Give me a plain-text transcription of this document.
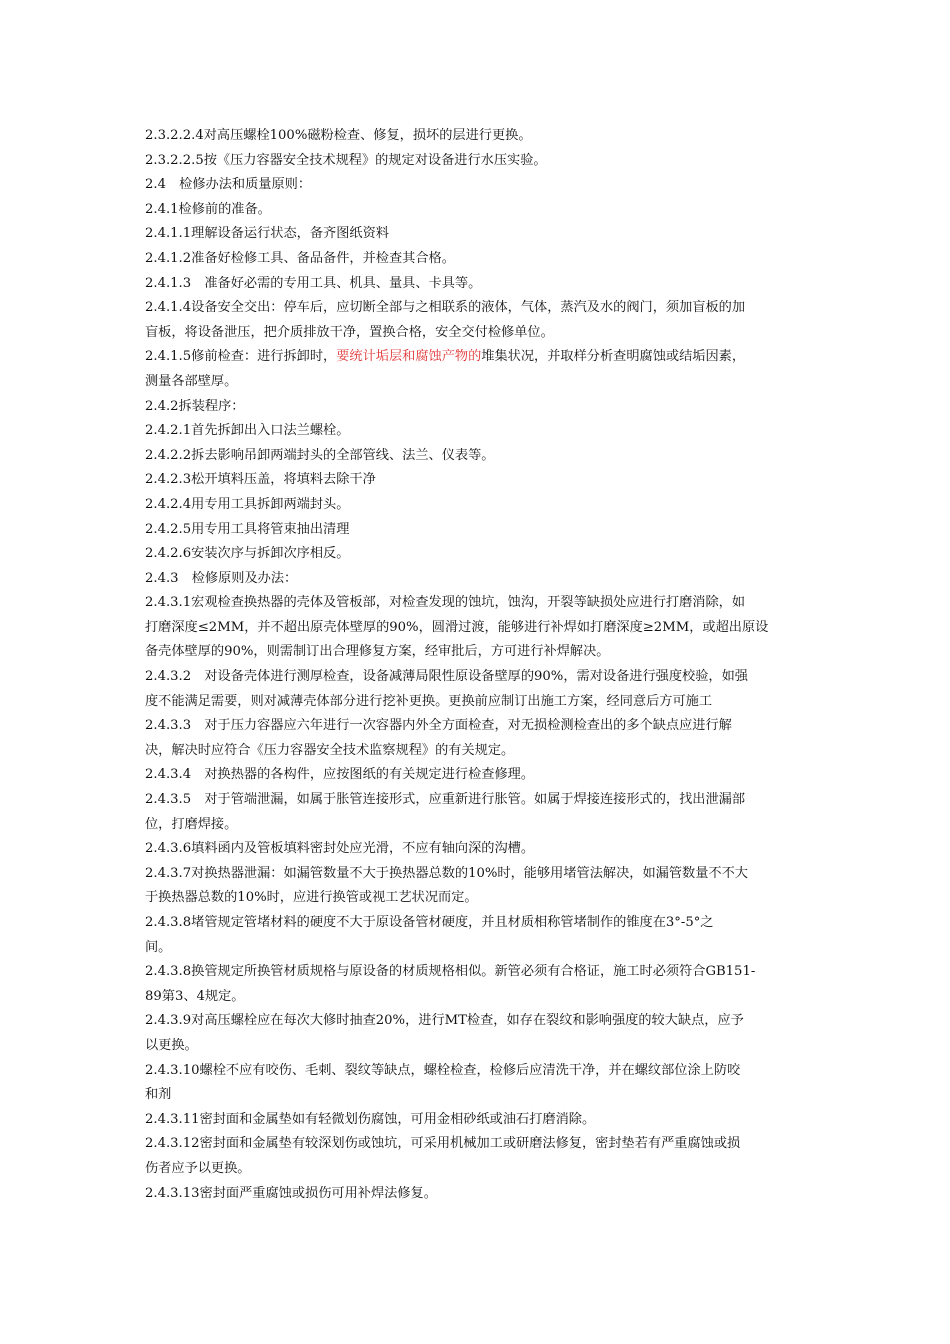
2.3.2.2.4对高压螺栓100%磁粉检查、修复，损坏的层进行更换。
2.3.2.2.5按《压力容器安全技术规程》的规定对设备进行水压实验。
2.4　检修办法和质量原则：
2.4.1检修前的准备。
2.4.1.1理解设备运行状态，备齐图纸资料
2.4.1.2准备好检修工具、备品备件，并检查其合格。
2.4.1.3　准备好必需的专用工具、机具、量具、卡具等。
2.4.1.4设备安全交出：停车后，应切断全部与之相联系的液体，气体，蒸汽及水的阀门，须加盲板的加
盲板，将设备泄压，把介质排放干净，置换合格，安全交付检修单位。
2.4.1.5修前检查：进行拆卸时，要统计垢层和腐蚀产物的堆集状况，并取样分析查明腐蚀或结垢因素，
测量各部壁厚。
2.4.2拆装程序：
2.4.2.1首先拆卸出入口法兰螺栓。
2.4.2.2拆去影响吊卸两端封头的全部管线、法兰、仪表等。
2.4.2.3松开填料压盖，将填料去除干净
2.4.2.4用专用工具拆卸两端封头。
2.4.2.5用专用工具将管束抽出清理
2.4.2.6安装次序与拆卸次序相反。
2.4.3　检修原则及办法：
2.4.3.1宏观检查换热器的壳体及管板部，对检查发现的蚀坑，蚀沟，开裂等缺损处应进行打磨消除，如
打磨深度≤2MM，并不超出原壳体壁厚的90%，圆滑过渡，能够进行补焊如打磨深度≥2MM，或超出原设
备壳体壁厚的90%，则需制订出合理修复方案，经审批后，方可进行补焊解决。
2.4.3.2　对设备壳体进行测厚检查，设备减薄局限性原设备壁厚的90%，需对设备进行强度校验，如强
度不能满足需要，则对减薄壳体部分进行挖补更换。更换前应制订出施工方案，经同意后方可施工
2.4.3.3　对于压力容器应六年进行一次容器内外全方面检查，对无损检测检查出的多个缺点应进行解
决，解决时应符合《压力容器安全技术监察规程》的有关规定。
2.4.3.4　对换热器的各构件，应按图纸的有关规定进行检查修理。
2.4.3.5　对于管端泄漏，如属于胀管连接形式，应重新进行胀管。如属于焊接连接形式的，找出泄漏部
位，打磨焊接。
2.4.3.6填料函内及管板填料密封处应光滑，不应有轴向深的沟槽。
2.4.3.7对换热器泄漏：如漏管数量不大于换热器总数的10%时，能够用堵管法解决，如漏管数量不不大
于换热器总数的10%时，应进行换管或视工艺状况而定。
2.4.3.8堵管规定管堵材料的硬度不大于原设备管材硬度，并且材质相称管堵制作的锥度在3°-5°之
间。
2.4.3.8换管规定所换管材质规格与原设备的材质规格相似。新管必须有合格证，施工时必须符合GB151-
89第3、4规定。
2.4.3.9对高压螺栓应在每次大修时抽查20%，进行MT检查，如存在裂纹和影响强度的较大缺点，应予
以更换。
2.4.3.10螺栓不应有咬伤、毛刺、裂纹等缺点，螺栓检查，检修后应清洗干净，并在螺纹部位涂上防咬
和剂
2.4.3.11密封面和金属垫如有轻微划伤腐蚀，可用金相砂纸或油石打磨消除。
2.4.3.12密封面和金属垫有较深划伤或蚀坑，可采用机械加工或研磨法修复，密封垫若有严重腐蚀或损
伤者应予以更换。
2.4.3.13密封面严重腐蚀或损伤可用补焊法修复。
